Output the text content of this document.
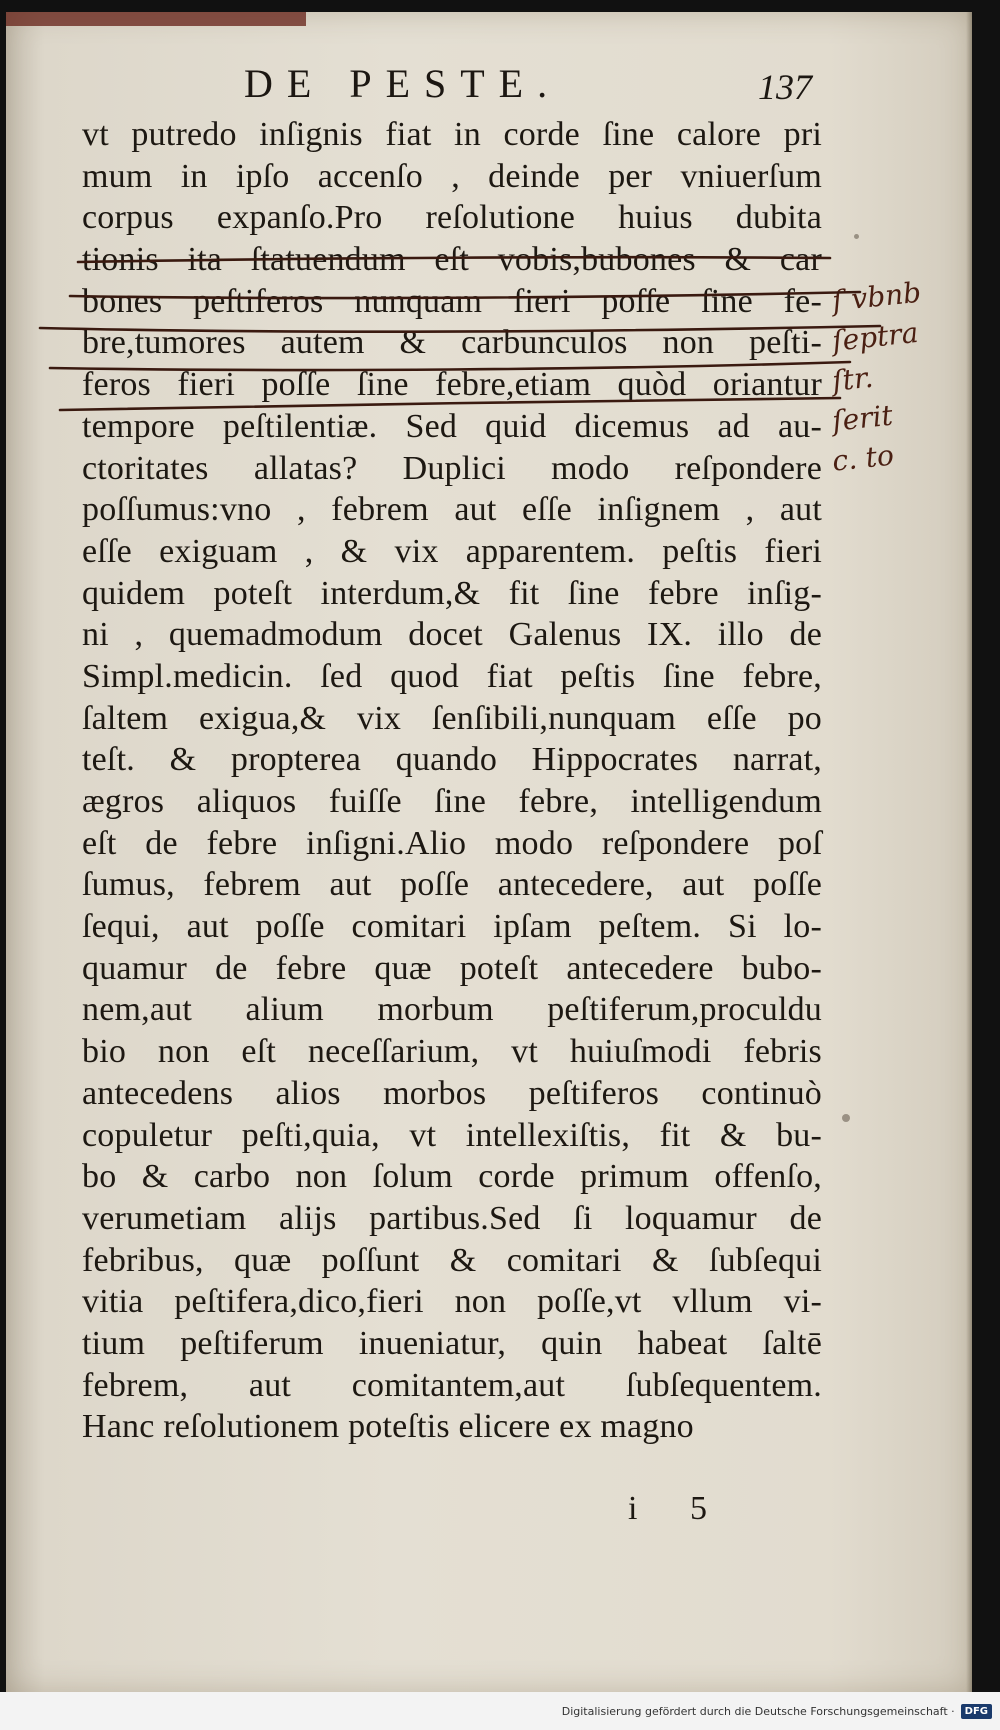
DE PESTE.	137
vt putredo inſignis fiat in corde ſine calore pri
mum in ipſo accenſo , deinde per vniuerſum
corpus expanſo.Pro reſolutione huius dubita
tionis ita ſtatuendum eſt vobis,bubones & car
bones peſtiferos nunquam fieri poſſe ſine fe-
bre,tumores autem & carbunculos non peſti-
feros fieri poſſe ſine febre,etiam quòd oriantur
tempore peſtilentiæ. Sed quid dicemus ad au-
ctoritates allatas? Duplici modo reſpondere
poſſumus:vno , febrem aut eſſe inſignem , aut
eſſe exiguam , & vix apparentem. peſtis fieri
quidem poteſt interdum,& fit ſine febre inſig-
ni , quemadmodum docet Galenus IX. illo de
Simpl.medicin. ſed quod fiat peſtis ſine febre,
ſaltem exigua,& vix ſenſibili,nunquam eſſe po
teſt. & propterea quando Hippocrates narrat,
ægros aliquos fuiſſe ſine febre, intelligendum
eſt de febre inſigni.Alio modo reſpondere poſ
ſumus, febrem aut poſſe antecedere, aut poſſe
ſequi, aut poſſe comitari ipſam peſtem. Si lo-
quamur de febre quæ poteſt antecedere bubo-
nem,aut alium morbum peſtiferum,proculdu
bio non eſt neceſſarium, vt huiuſmodi febris
antecedens alios morbos peſtiferos continuò
copuletur peſti,quia, vt intellexiſtis, fit & bu-
bo & carbo non ſolum corde primum offenſo,
verumetiam alijs partibus.Sed ſi loquamur de
febribus, quæ poſſunt & comitari & ſubſequi
vitia peſtifera,dico,fieri non poſſe,vt vllum vi-
tium peſtiferum inueniatur, quin habeat ſaltē
febrem, aut comitantem,aut ſubſequentem.
Hanc reſolutionem poteſtis elicere ex magno
i 5
ſ vbnb
ſeptra
ſtr.
ſerit
c. to
Digitalisierung gefördert durch die Deutsche Forschungsgemeinschaft ·	DFG
